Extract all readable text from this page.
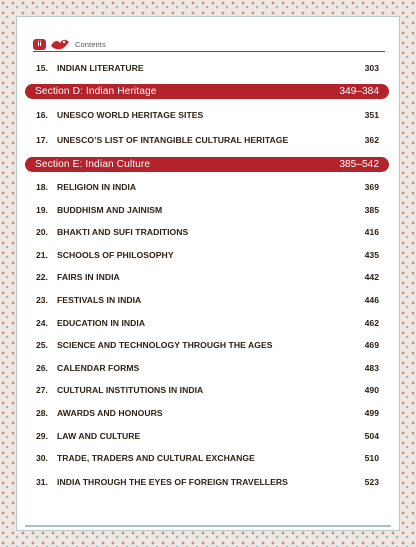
ii	Contents
15. INDIAN LITERATURE	303
Section D: Indian Heritage	349–384
16. UNESCO WORLD HERITAGE SITES	351
17. UNESCO’S LIST OF INTANGIBLE CULTURAL HERITAGE	362
Section E: Indian Culture	385–542
18. RELIGION IN INDIA	369
19. BUDDHISM AND JAINISM	385
20. BHAKTI AND SUFI TRADITIONS	416
21. SCHOOLS OF PHILOSOPHY	435
22. FAIRS IN INDIA	442
23. FESTIVALS IN INDIA	446
24. EDUCATION IN INDIA	462
25. SCIENCE AND TECHNOLOGY THROUGH THE AGES	469
26. CALENDAR FORMS	483
27. CULTURAL INSTITUTIONS IN INDIA	490
28. AWARDS AND HONOURS	499
29. LAW AND CULTURE	504
30. TRADE, TRADERS AND CULTURAL EXCHANGE	510
31. INDIA THROUGH THE EYES OF FOREIGN TRAVELLERS	523
